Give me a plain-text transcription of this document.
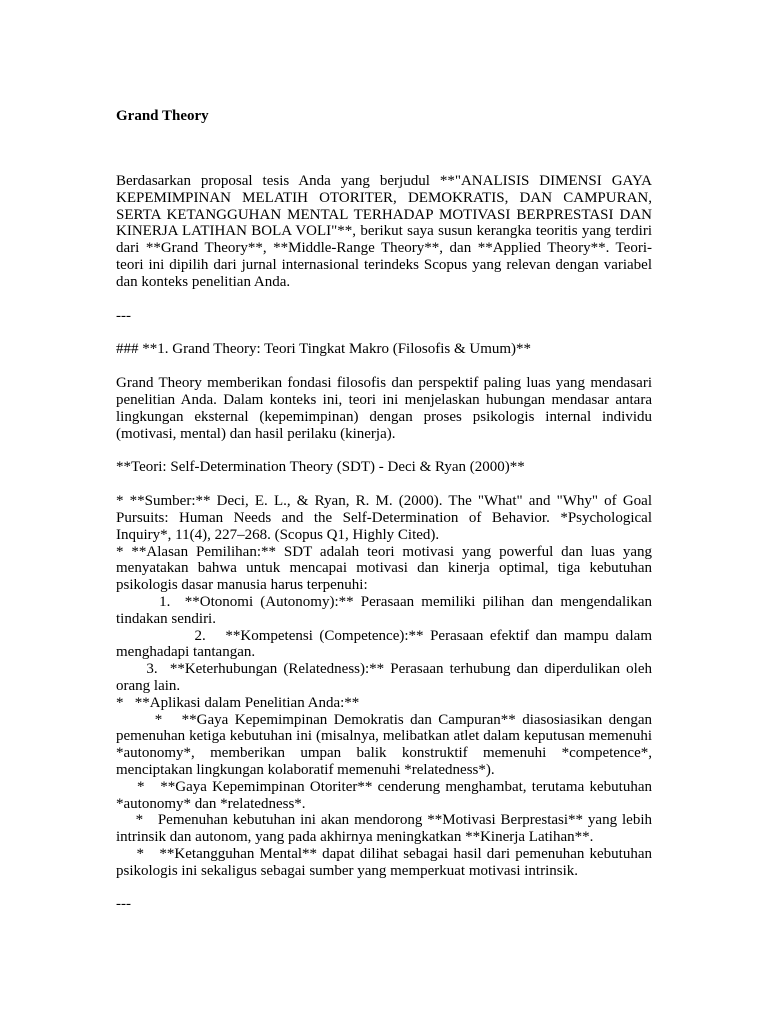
Grand Theory

Berdasarkan proposal tesis Anda yang berjudul **"ANALISIS DIMENSI GAYA KEPEMIMPINAN MELATIH OTORITER, DEMOKRATIS, DAN CAMPURAN, SERTA KETANGGUHAN MENTAL TERHADAP MOTIVASI BERPRESTASI DAN KINERJA LATIHAN BOLA VOLI"**, berikut saya susun kerangka teoritis yang terdiri dari **Grand Theory**, **Middle-Range Theory**, dan **Applied Theory**. Teori-teori ini dipilih dari jurnal internasional terindeks Scopus yang relevan dengan variabel dan konteks penelitian Anda.

---

### **1. Grand Theory: Teori Tingkat Makro (Filosofis & Umum)**

Grand Theory memberikan fondasi filosofis dan perspektif paling luas yang mendasari penelitian Anda. Dalam konteks ini, teori ini menjelaskan hubungan mendasar antara lingkungan eksternal (kepemimpinan) dengan proses psikologis internal individu (motivasi, mental) dan hasil perilaku (kinerja).

**Teori: Self-Determination Theory (SDT) - Deci & Ryan (2000)**

* **Sumber:** Deci, E. L., & Ryan, R. M. (2000). The "What" and "Why" of Goal Pursuits: Human Needs and the Self-Determination of Behavior. *Psychological Inquiry*, 11(4), 227–268. (Scopus Q1, Highly Cited).

* **Alasan Pemilihan:** SDT adalah teori motivasi yang powerful dan luas yang menyatakan bahwa untuk mencapai motivasi dan kinerja optimal, tiga kebutuhan psikologis dasar manusia harus terpenuhi:

1.  **Otonomi (Autonomy):** Perasaan memiliki pilihan dan mengendalikan tindakan sendiri.

2.   **Kompetensi (Competence):** Perasaan efektif dan mampu dalam menghadapi tantangan.

3.  **Keterhubungan (Relatedness):** Perasaan terhubung dan diperdulikan oleh orang lain.

*   **Aplikasi dalam Penelitian Anda:**

*   **Gaya Kepemimpinan Demokratis dan Campuran** diasosiasikan dengan pemenuhan ketiga kebutuhan ini (misalnya, melibatkan atlet dalam keputusan memenuhi *autonomy*, memberikan umpan balik konstruktif memenuhi *competence*, menciptakan lingkungan kolaboratif memenuhi *relatedness*).

*   **Gaya Kepemimpinan Otoriter** cenderung menghambat, terutama kebutuhan *autonomy* dan *relatedness*.

*   Pemenuhan kebutuhan ini akan mendorong **Motivasi Berprestasi** yang lebih intrinsik dan autonom, yang pada akhirnya meningkatkan **Kinerja Latihan**.

*   **Ketangguhan Mental** dapat dilihat sebagai hasil dari pemenuhan kebutuhan psikologis ini sekaligus sebagai sumber yang memperkuat motivasi intrinsik.

---
